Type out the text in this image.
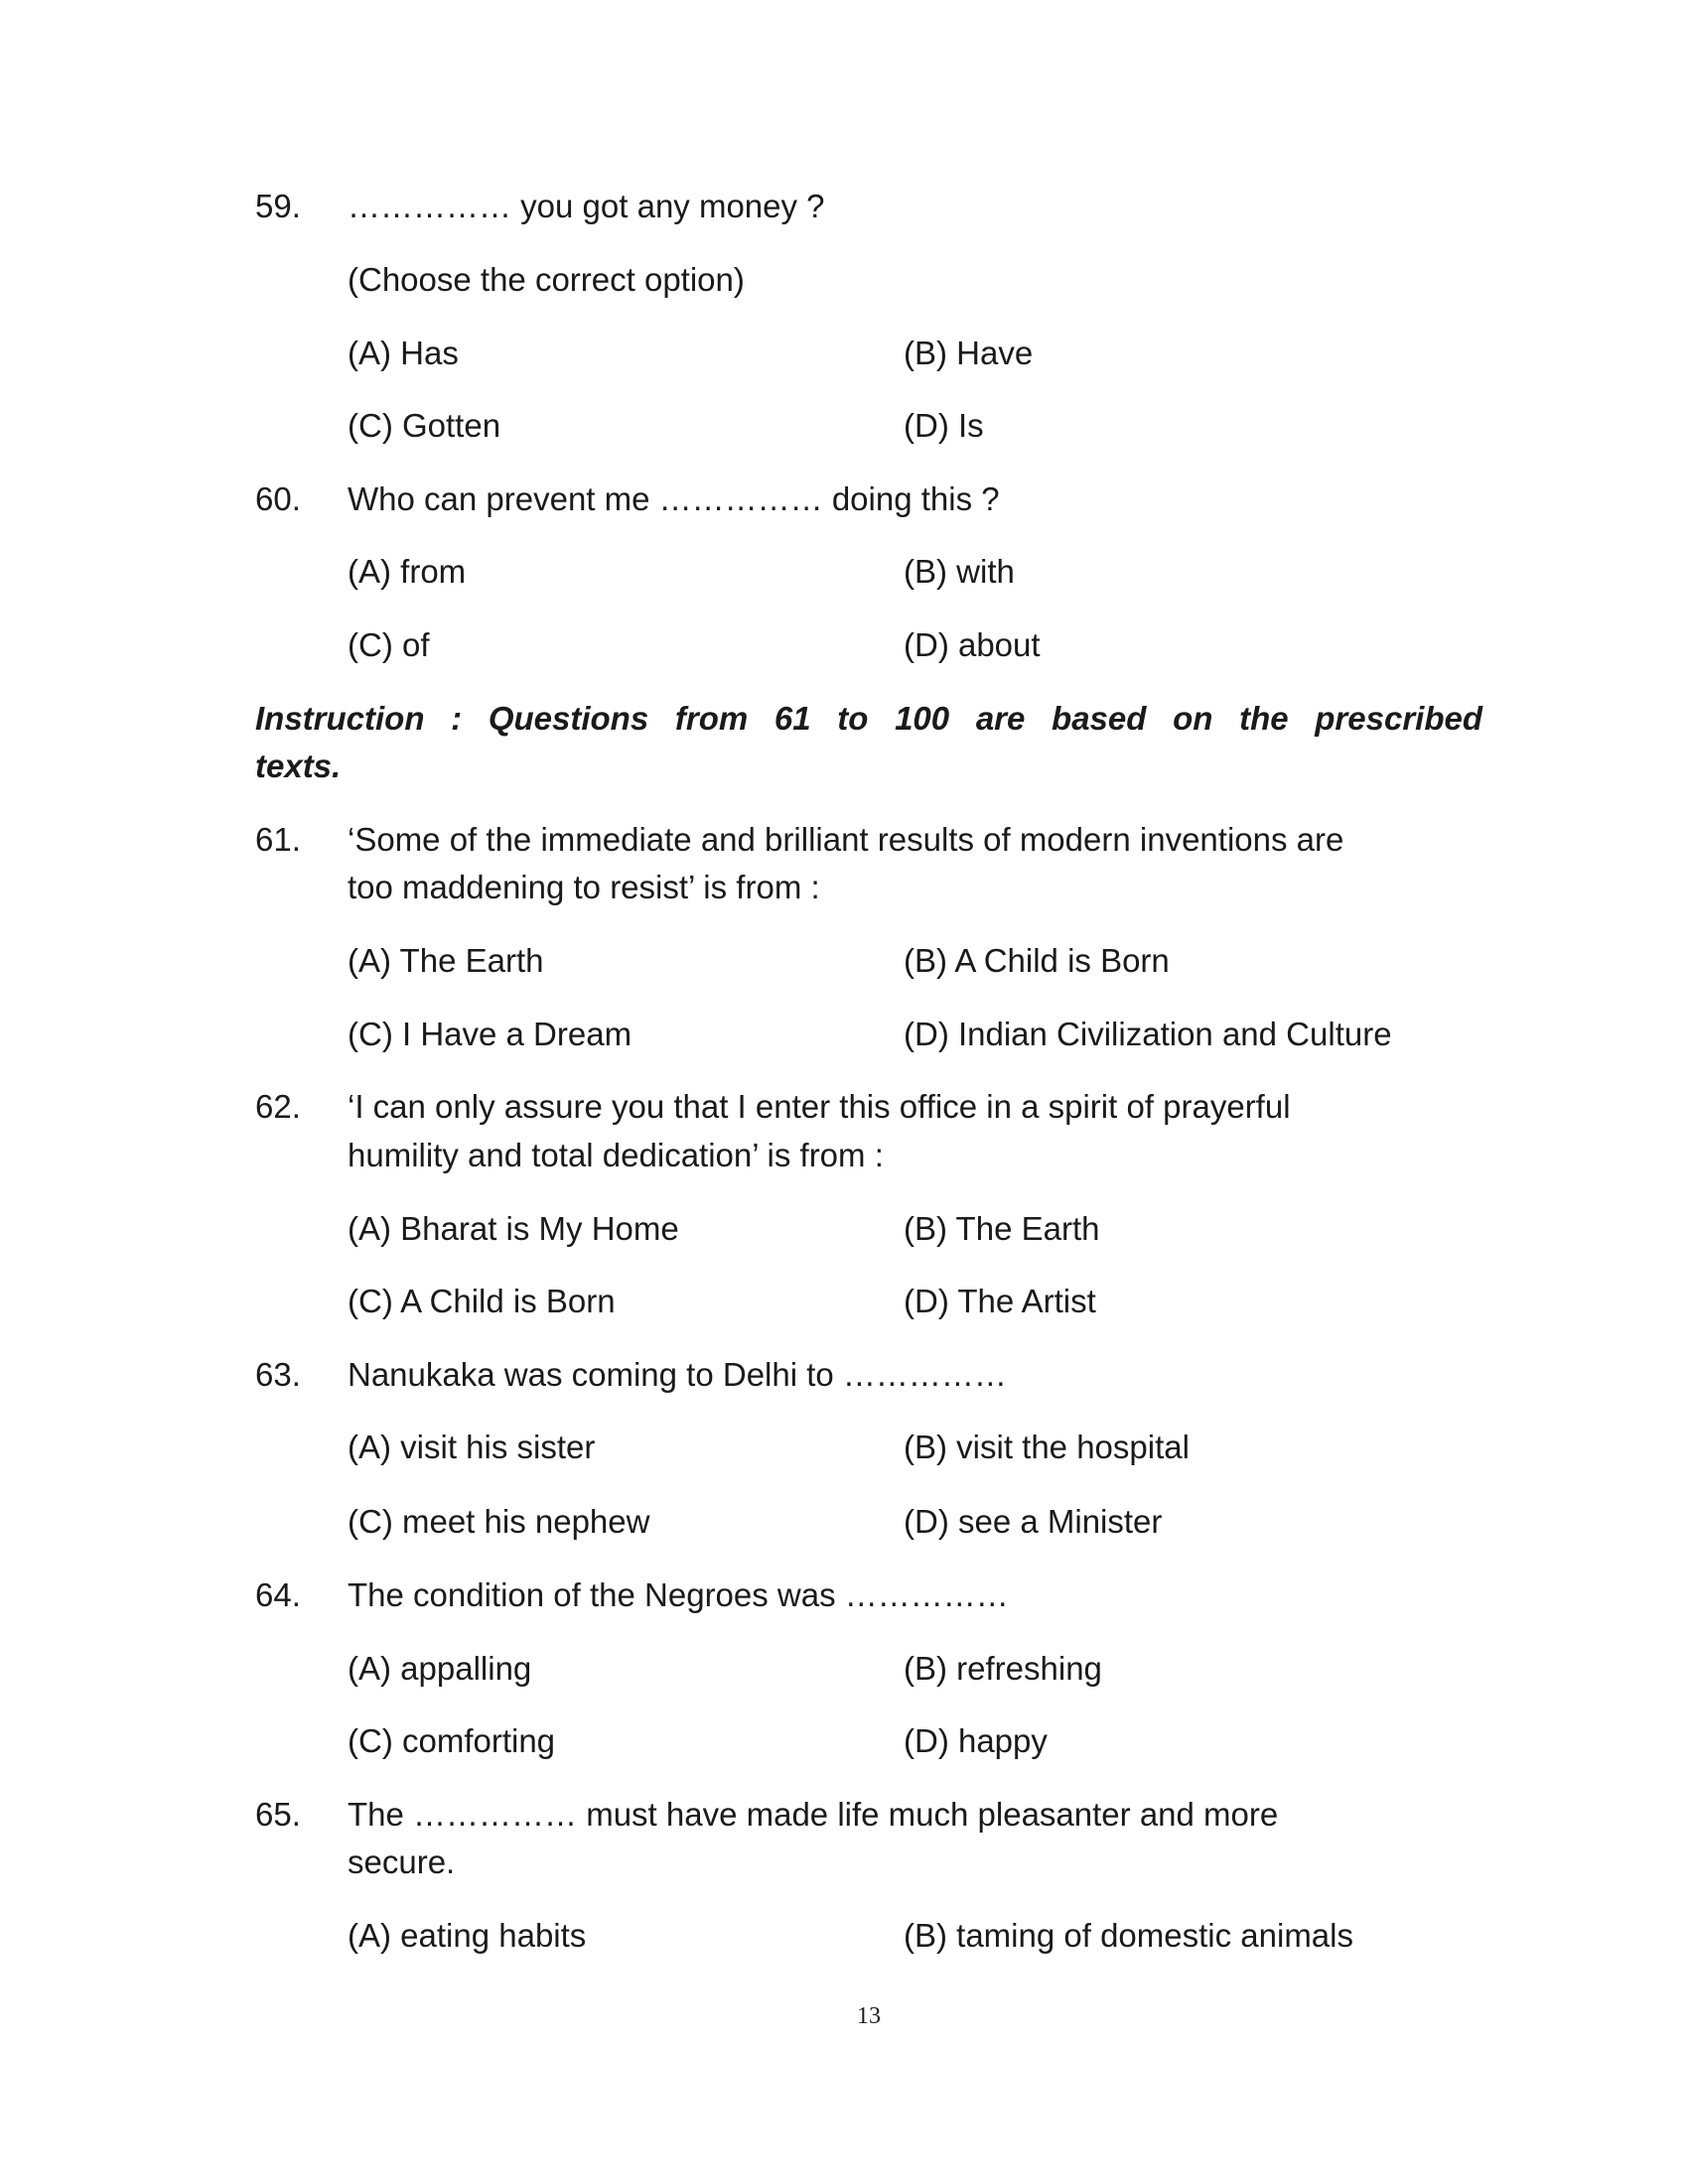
Instruction : Questions from 61 to 100 are based on the prescribed
texts.
13
59. …………… you got any money ?
(Choose the correct option)
(A) Has	(B) Have
(C) Gotten	(D) Is
60. Who can prevent me …………… doing this ?
(A) from	(B) with
(C) of	(D) about
61. ‘Some of the immediate and brilliant results of modern inventions are
too maddening to resist’ is from :
(A) The Earth	(B) A Child is Born
(C) I Have a Dream	(D) Indian Civilization and Culture
62. ‘I can only assure you that I enter this office in a spirit of prayerful
humility and total dedication’ is from :
(A) Bharat is My Home	(B) The Earth
(C) A Child is Born	(D) The Artist
63. Nanukaka was coming to Delhi to ……………
(A) visit his sister	(B) visit the hospital
(C) meet his nephew	(D) see a Minister
64. The condition of the Negroes was ……………
(A) appalling	(B) refreshing
(C) comforting	(D) happy
65. The …………… must have made life much pleasanter and more
secure.
(A) eating habits	(B) taming of domestic animals
